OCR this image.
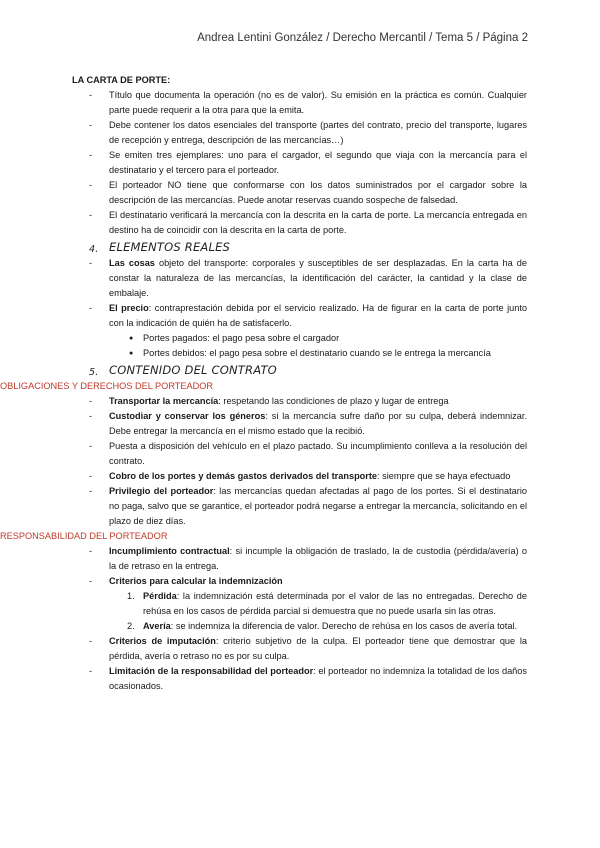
Andrea Lentini González / Derecho Mercantil / Tema 5 / Página 2
LA CARTA DE PORTE:
- Título que documenta la operación (no es de valor). Su emisión en la práctica es común. Cualquier parte puede requerir a la otra para que la emita.
- Debe contener los datos esenciales del transporte (partes del contrato, precio del transporte, lugares de recepción y entrega, descripción de las mercancías…)
- Se emiten tres ejemplares: uno para el cargador, el segundo que viaja con la mercancía para el destinatario y el tercero para el porteador.
- El porteador NO tiene que conformarse con los datos suministrados por el cargador sobre la descripción de las mercancías. Puede anotar reservas cuando sospeche de falsedad.
- El destinatario verificará la mercancía con la descrita en la carta de porte. La mercancía entregada en destino ha de coincidir con la descrita en la carta de porte.
4. ELEMENTOS REALES
- Las cosas objeto del transporte: corporales y susceptibles de ser desplazadas. En la carta ha de constar la naturaleza de las mercancías, la identificación del carácter, la cantidad y la clase de embalaje.
- El precio: contraprestación debida por el servicio realizado. Ha de figurar en la carta de porte junto con la indicación de quién ha de satisfacerlo.
● Portes pagados: el pago pesa sobre el cargador
● Portes debidos: el pago pesa sobre el destinatario cuando se le entrega la mercancía
5. CONTENIDO DEL CONTRATO
OBLIGACIONES Y DERECHOS DEL PORTEADOR
- Transportar la mercancía: respetando las condiciones de plazo y lugar de entrega
- Custodiar y conservar los géneros: si la mercancía sufre daño por su culpa, deberá indemnizar. Debe entregar la mercancía en el mismo estado que la recibió.
- Puesta a disposición del vehículo en el plazo pactado. Su incumplimiento conlleva a la resolución del contrato.
- Cobro de los portes y demás gastos derivados del transporte: siempre que se haya efectuado
- Privilegio del porteador: las mercancías quedan afectadas al pago de los portes. Si el destinatario no paga, salvo que se garantice, el porteador podrá negarse a entregar la mercancía, solicitando en el plazo de diez días.
RESPONSABILIDAD DEL PORTEADOR
- Incumplimiento contractual: si incumple la obligación de traslado, la de custodia (pérdida/avería) o la de retraso en la entrega.
- Criterios para calcular la indemnización
1. Pérdida: la indemnización está determinada por el valor de las no entregadas. Derecho de rehúsa en los casos de pérdida parcial si demuestra que no puede usarla sin las otras.
2. Avería: se indemniza la diferencia de valor. Derecho de rehúsa en los casos de avería total.
- Criterios de imputación: criterio subjetivo de la culpa. El porteador tiene que demostrar que la pérdida, avería o retraso no es por su culpa.
- Limitación de la responsabilidad del porteador: el porteador no indemniza la totalidad de los daños ocasionados.
